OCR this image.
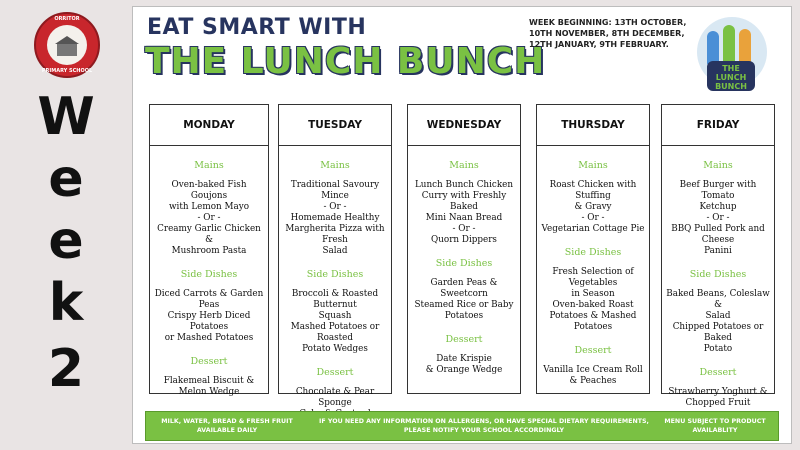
ORRITOR
PRIMARY SCHOOL
W
e
e
k
2
EAT SMART WITH
THE LUNCH BUNCH
WEEK BEGINNING: 13TH OCTOBER, 10TH NOVEMBER, 8TH DECEMBER, 12TH JANUARY, 9TH FEBRUARY.
THE
LUNCH
BUNCH
MONDAY
Mains
Oven-baked Fish Goujons
with Lemon Mayo
- Or -
Creamy Garlic Chicken &
Mushroom Pasta
Side Dishes
Diced Carrots & Garden Peas
Crispy Herb Diced Potatoes
or Mashed Potatoes
Dessert
Flakemeal Biscuit &
Melon Wedge
TUESDAY
Mains
Traditional Savoury Mince
- Or -
Homemade Healthy
Margherita Pizza with Fresh
Salad
Side Dishes
Broccoli & Roasted Butternut
Squash
Mashed Potatoes or Roasted
Potato Wedges
Dessert
Chocolate & Pear Sponge

WEDNESDAY
Mains
Lunch Bunch Chicken
Curry with Freshly Baked
Mini Naan Bread
- Or -
Quorn Dippers
Side Dishes
Garden Peas & Sweetcorn
Steamed Rice or Baby
Potatoes
Dessert
Date Krispie
& Orange Wedge
THURSDAY
Mains
Roast Chicken with Stuffing
& Gravy
- Or -
Vegetarian Cottage Pie
Side Dishes
Fresh Selection of Vegetables
in Season
Oven-baked Roast
Potatoes & Mashed
Potatoes
Dessert
Vanilla Ice Cream Roll
& Peaches
FRIDAY
Mains
Beef Burger with Tomato
Ketchup
- Or -
BBQ Pulled Pork and Cheese
Panini
Side Dishes
Baked Beans, Coleslaw &
Salad
Chipped Potatoes or Baked
Potato
Dessert
Strawberry Yoghurt &
Chopped Fruit
MILK, WATER, BREAD & FRESH FRUIT
AVAILABLE DAILY
IF YOU NEED ANY INFORMATION ON ALLERGENS, OR HAVE SPECIAL DIETARY REQUIREMENTS,
PLEASE NOTIFY YOUR SCHOOL ACCORDINGLY
MENU SUBJECT TO PRODUCT
AVAILABLITY
